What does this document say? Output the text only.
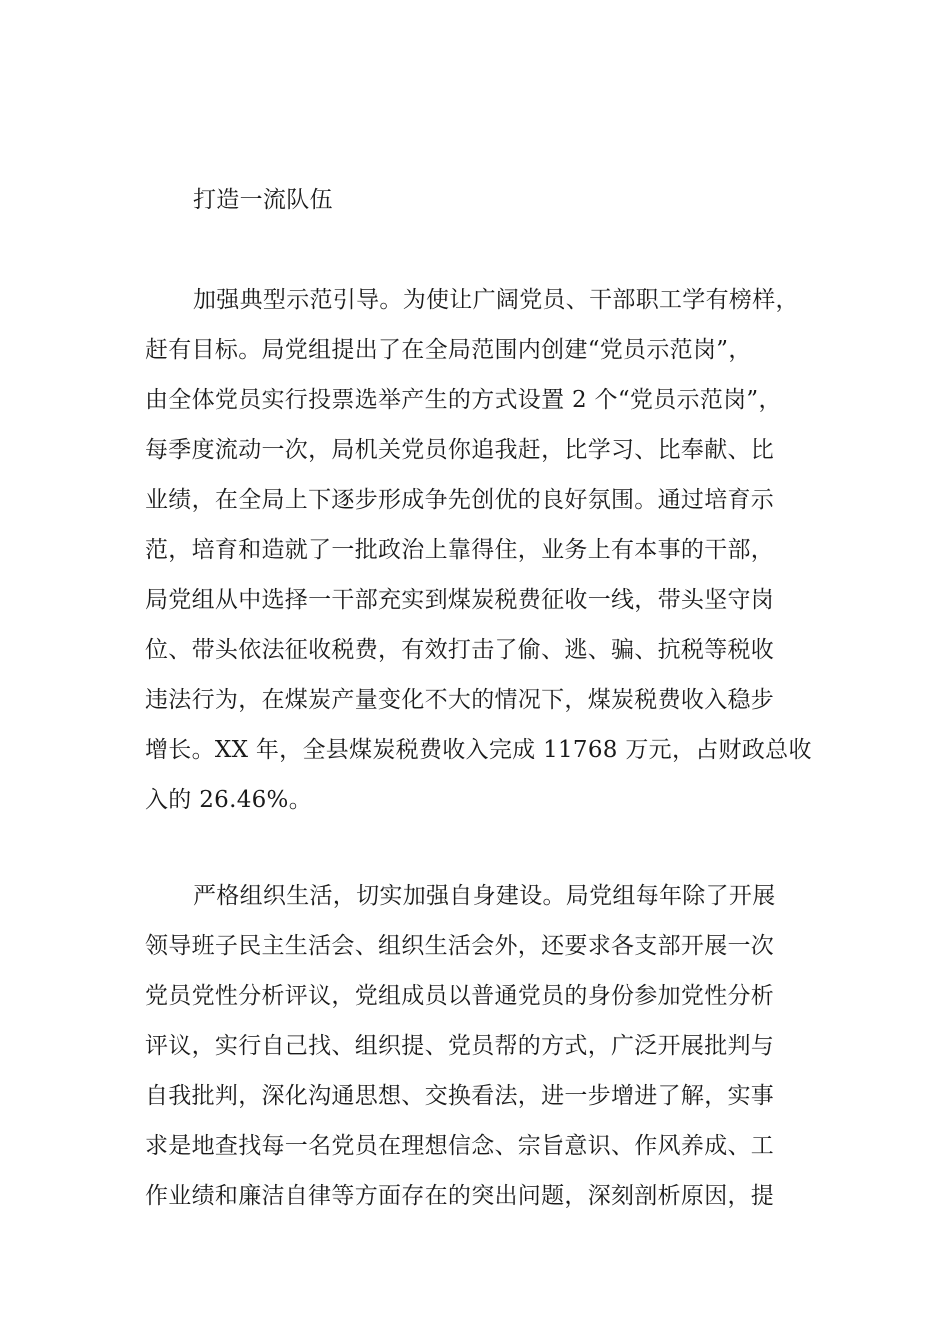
打造一流队伍
加强典型示范引导。为使让广阔党员、干部职工学有榜样，
赶有目标。局党组提出了在全局范围内创建“党员示范岗”，
由全体党员实行投票选举产生的方式设置 2 个“党员示范岗”，
每季度流动一次，局机关党员你追我赶，比学习、比奉献、比
业绩，在全局上下逐步形成争先创优的良好氛围。通过培育示
范，培育和造就了一批政治上靠得住，业务上有本事的干部，
局党组从中选择一干部充实到煤炭税费征收一线，带头坚守岗
位、带头依法征收税费，有效打击了偷、逃、骗、抗税等税收
违法行为，在煤炭产量变化不大的情况下，煤炭税费收入稳步
增长。XX 年，全县煤炭税费收入完成 11768 万元，占财政总收
入的 26.46%。
严格组织生活，切实加强自身建设。局党组每年除了开展
领导班子民主生活会、组织生活会外，还要求各支部开展一次
党员党性分析评议，党组成员以普通党员的身份参加党性分析
评议，实行自己找、组织提、党员帮的方式，广泛开展批判与
自我批判，深化沟通思想、交换看法，进一步增进了解，实事
求是地查找每一名党员在理想信念、宗旨意识、作风养成、工
作业绩和廉洁自律等方面存在的突出问题，深刻剖析原因，提
